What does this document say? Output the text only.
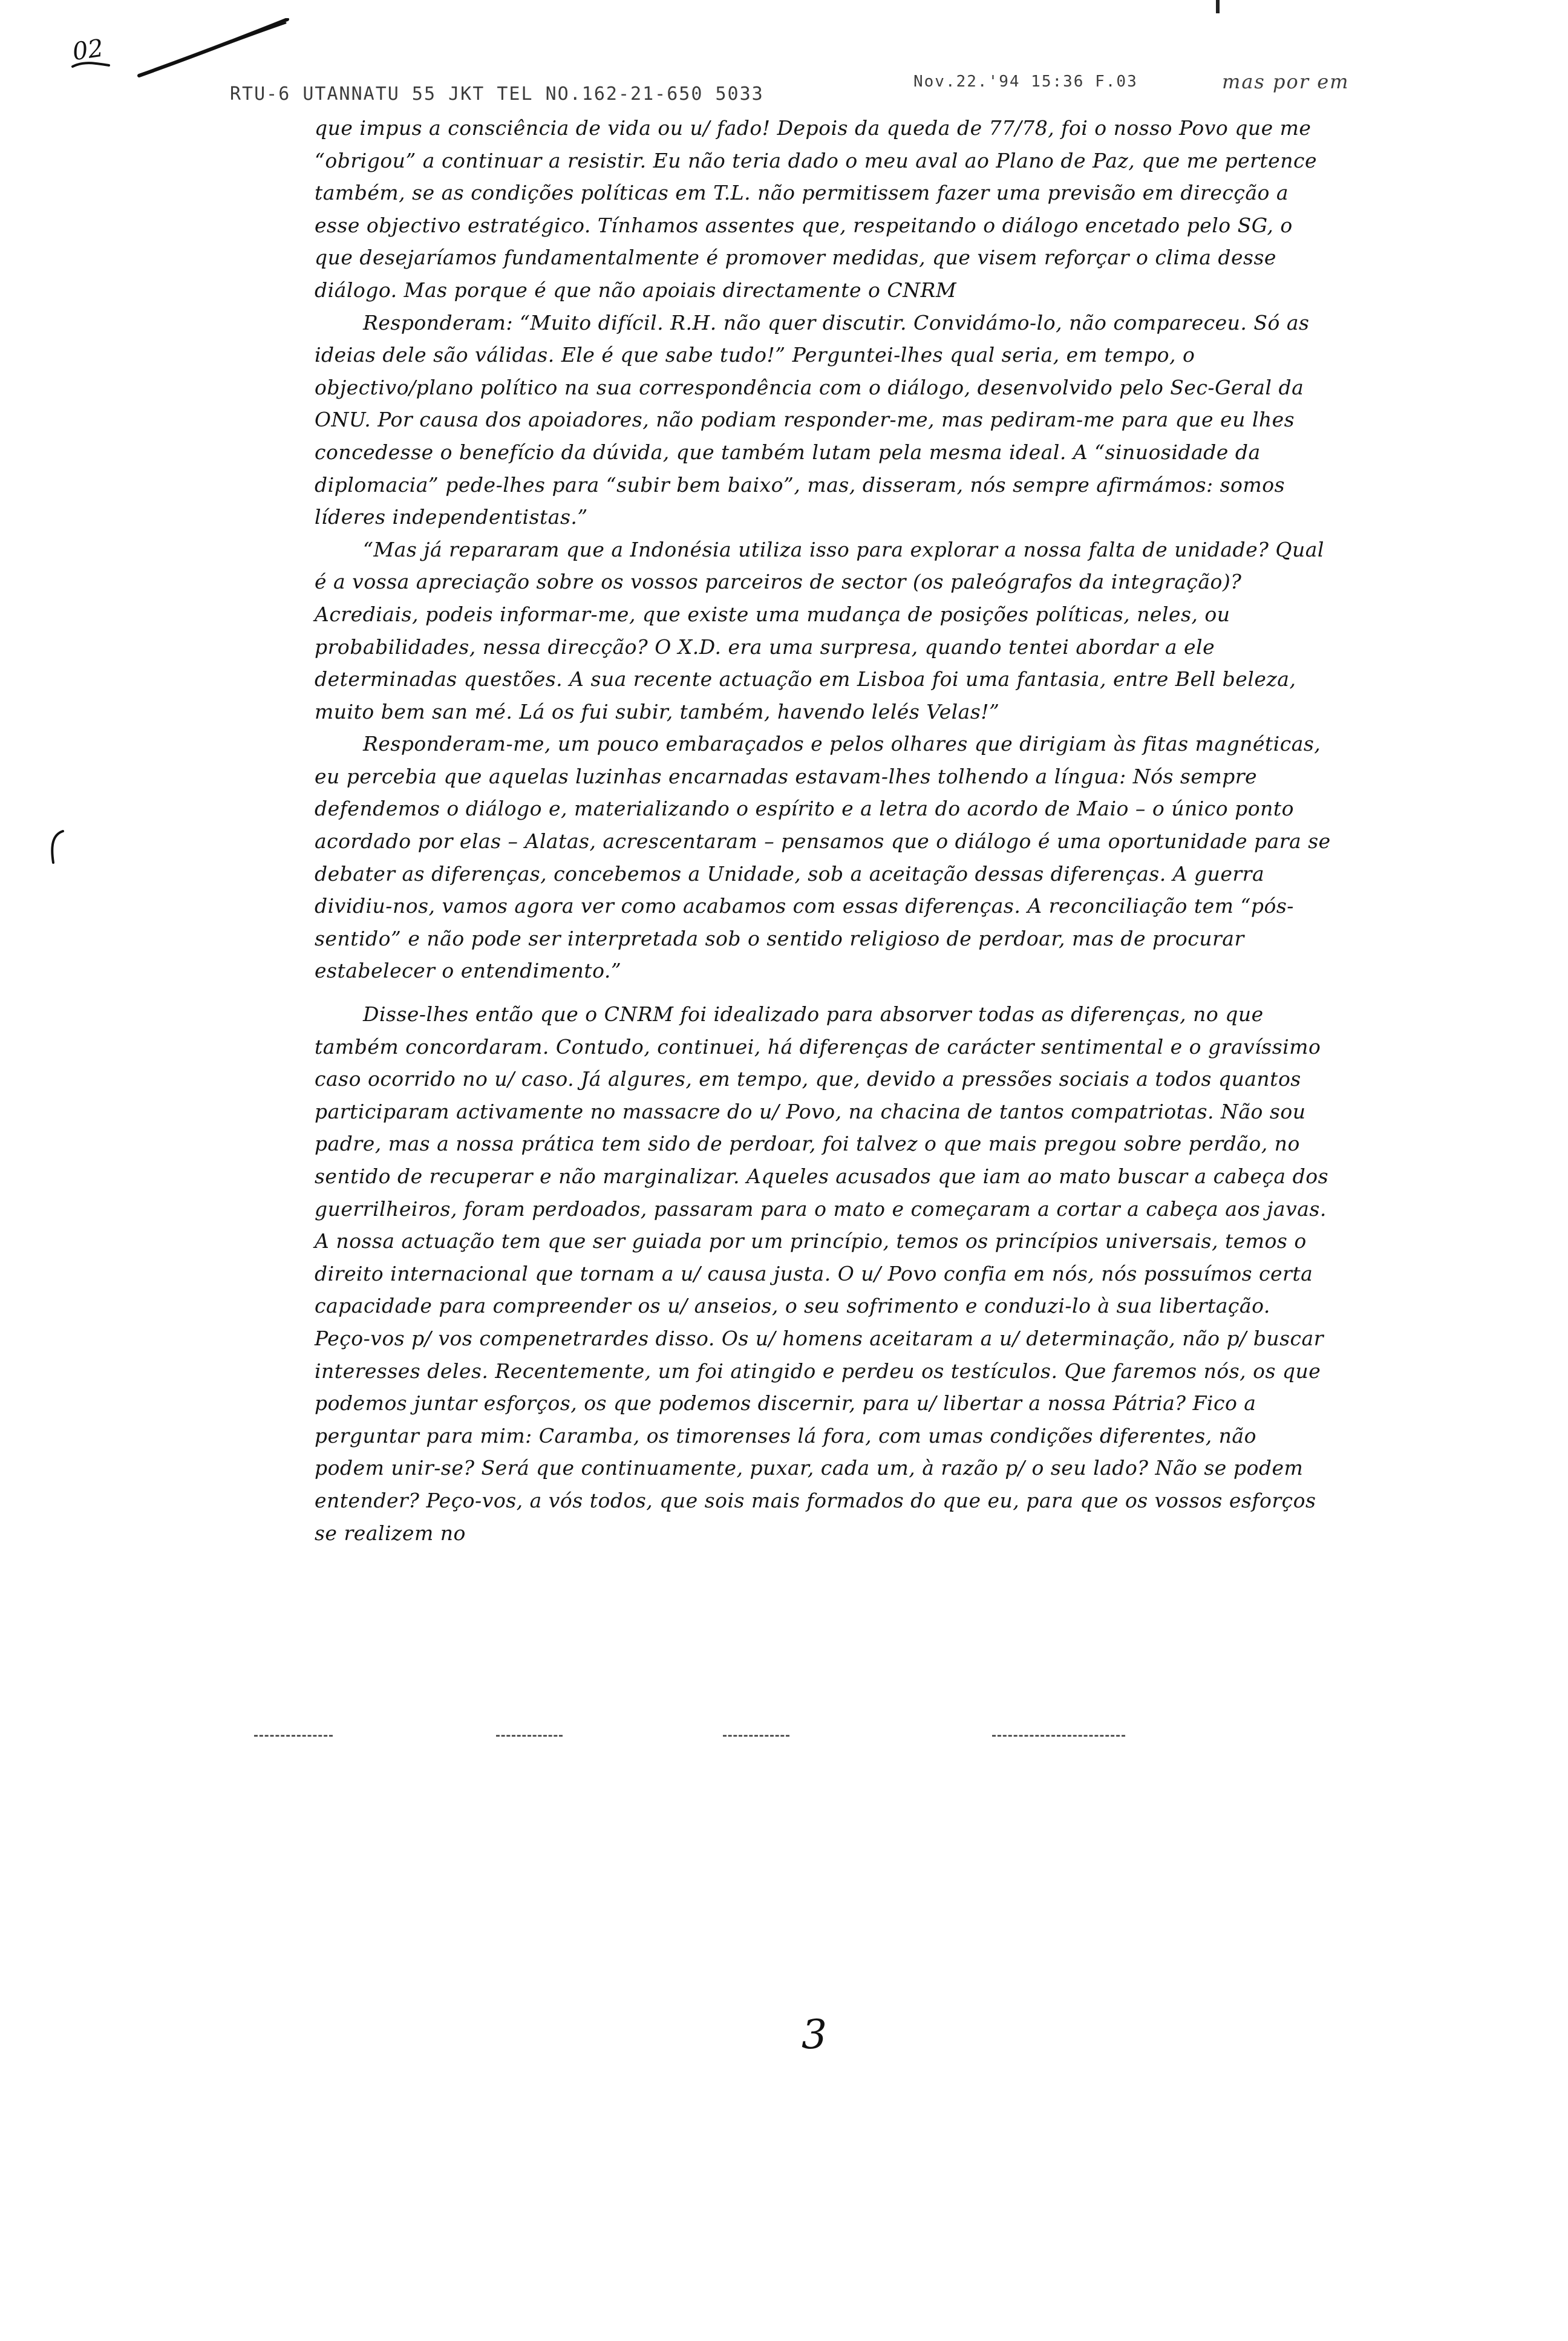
02
RTU-6 UTANNATU 55 JKT TEL NO.162-21-650 5033
Nov.22.'94 15:36 F.03	mas por em

que impus a consciência de vida ou u/ fado! Depois da queda de 77/78, foi o nosso Povo que me “obrigou” a continuar a resistir. Eu não teria dado o meu aval ao Plano de Paz, que me pertence também, se as condições políticas em T.L. não permitissem fazer uma previsão em direcção a esse objectivo estratégico. Tínhamos assentes que, respeitando o diálogo encetado pelo SG, o que desejaríamos fundamentalmente é promover medidas, que visem reforçar o clima desse diálogo. Mas porque é que não apoiais directamente o CNRM

Responderam: “Muito difícil. R.H. não quer discutir. Convidámo-lo, não compareceu. Só as ideias dele são válidas. Ele é que sabe tudo!” Perguntei-lhes qual seria, em tempo, o objectivo/plano político na sua correspondência com o diálogo, desenvolvido pelo Sec-Geral da ONU. Por causa dos apoiadores, não podiam responder-me, mas pediram-me para que eu lhes concedesse o benefício da dúvida, que também lutam pela mesma ideal. A “sinuosidade da diplomacia” pede-lhes para “subir bem baixo”, mas, disseram, nós sempre afirmámos: somos líderes independentistas.”

“Mas já repararam que a Indonésia utiliza isso para explorar a nossa falta de unidade? Qual é a vossa apreciação sobre os vossos parceiros de sector (os paleógrafos da integração)? Acrediais, podeis informar-me, que existe uma mudança de posições políticas, neles, ou probabilidades, nessa direcção? O X.D. era uma surpresa, quando tentei abordar a ele determinadas questões. A sua recente actuação em Lisboa foi uma fantasia, entre Bell beleza, muito bem san mé. Lá os fui subir, também, havendo lelés Velas!”

Responderam-me, um pouco embaraçados e pelos olhares que dirigiam às fitas magnéticas, eu percebia que aquelas luzinhas encarnadas estavam-lhes tolhendo a língua: Nós sempre defendemos o diálogo e, materializando o espírito e a letra do acordo de Maio – o único ponto acordado por elas – Alatas, acrescentaram – pensamos que o diálogo é uma oportunidade para se debater as diferenças, concebemos a Unidade, sob a aceitação dessas diferenças. A guerra dividiu-nos, vamos agora ver como acabamos com essas diferenças. A reconciliação tem “pós-sentido” e não pode ser interpretada sob o sentido religioso de perdoar, mas de procurar estabelecer o entendimento.”

Disse-lhes então que o CNRM foi idealizado para absorver todas as diferenças, no que também concordaram. Contudo, continuei, há diferenças de carácter sentimental e o gravíssimo caso ocorrido no u/ caso. Já algures, em tempo, que, devido a pressões sociais a todos quantos participaram activamente no massacre do u/ Povo, na chacina de tantos compatriotas. Não sou padre, mas a nossa prática tem sido de perdoar, foi talvez o que mais pregou sobre perdão, no sentido de recuperar e não marginalizar. Aqueles acusados que iam ao mato buscar a cabeça dos guerrilheiros, foram perdoados, passaram para o mato e começaram a cortar a cabeça aos javas. A nossa actuação tem que ser guiada por um princípio, temos os princípios universais, temos o direito internacional que tornam a u/ causa justa. O u/ Povo confia em nós, nós possuímos certa capacidade para compreender os u/ anseios, o seu sofrimento e conduzi-lo à sua libertação. Peço-vos p/ vos compenetrardes disso. Os u/ homens aceitaram a u/ determinação, não p/ buscar interesses deles. Recentemente, um foi atingido e perdeu os testículos. Que faremos nós, os que podemos juntar esforços, os que podemos discernir, para u/ libertar a nossa Pátria? Fico a perguntar para mim: Caramba, os timorenses lá fora, com umas condições diferentes, não podem unir-se? Será que continuamente, puxar, cada um, à razão p/ o seu lado? Não se podem entender? Peço-vos, a vós todos, que sois mais formados do que eu, para que os vossos esforços se realizem no

3
